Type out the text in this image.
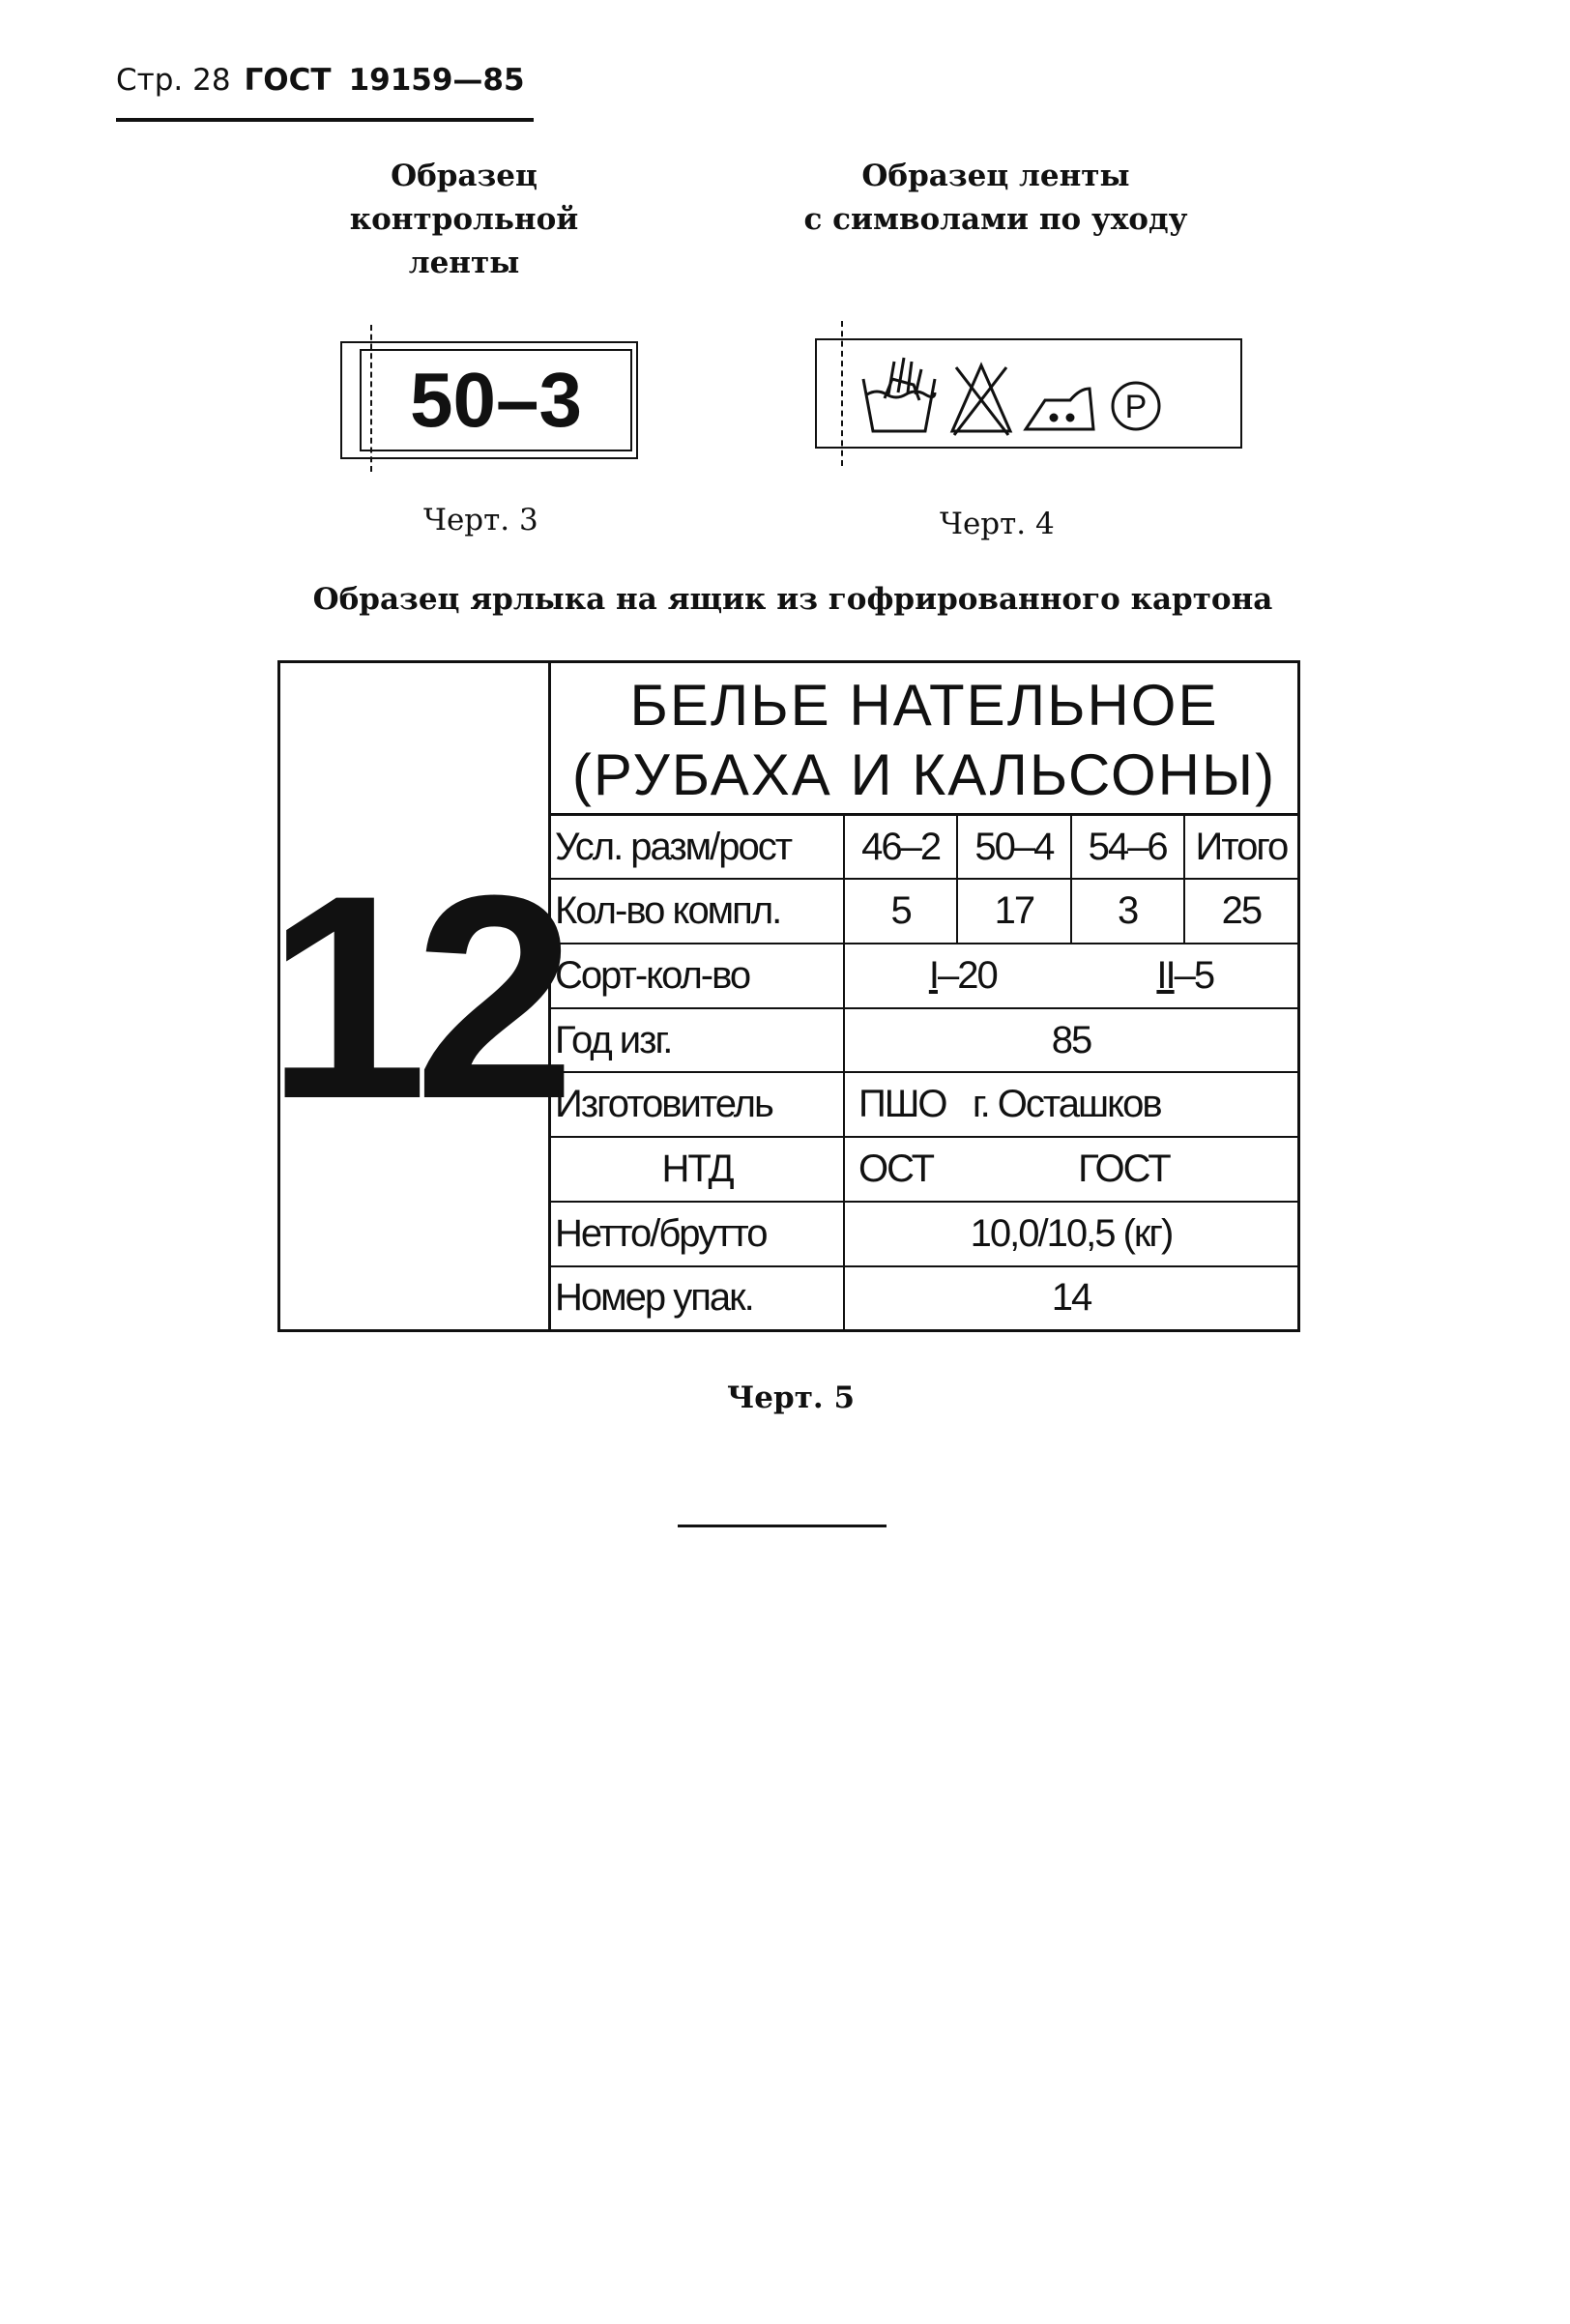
Стр. 28 ГОСТ 19159—85
Образец
контрольной
ленты
Образец ленты
с символами по уходу
50–3
Черт. 3
P
Черт. 4
Образец ярлыка на ящик из гофрированного картона
12
БЕЛЬЕ НАТЕЛЬНОЕ
(РУБАХА И КАЛЬСОНЫ)
Усл. разм/рост	46–2	50–4	54–6	Итого
Кол-во компл.	5	17	3	25
Сорт-кол-во	I–20 II–5			

Год изг.	85			
Изготовитель	ПШО г. Осташков			
НТД	ОСТ ГОСТ			
Нетто/брутто	10,0/10,5 (кг)			
Номер упак.	14			
Черт. 5
